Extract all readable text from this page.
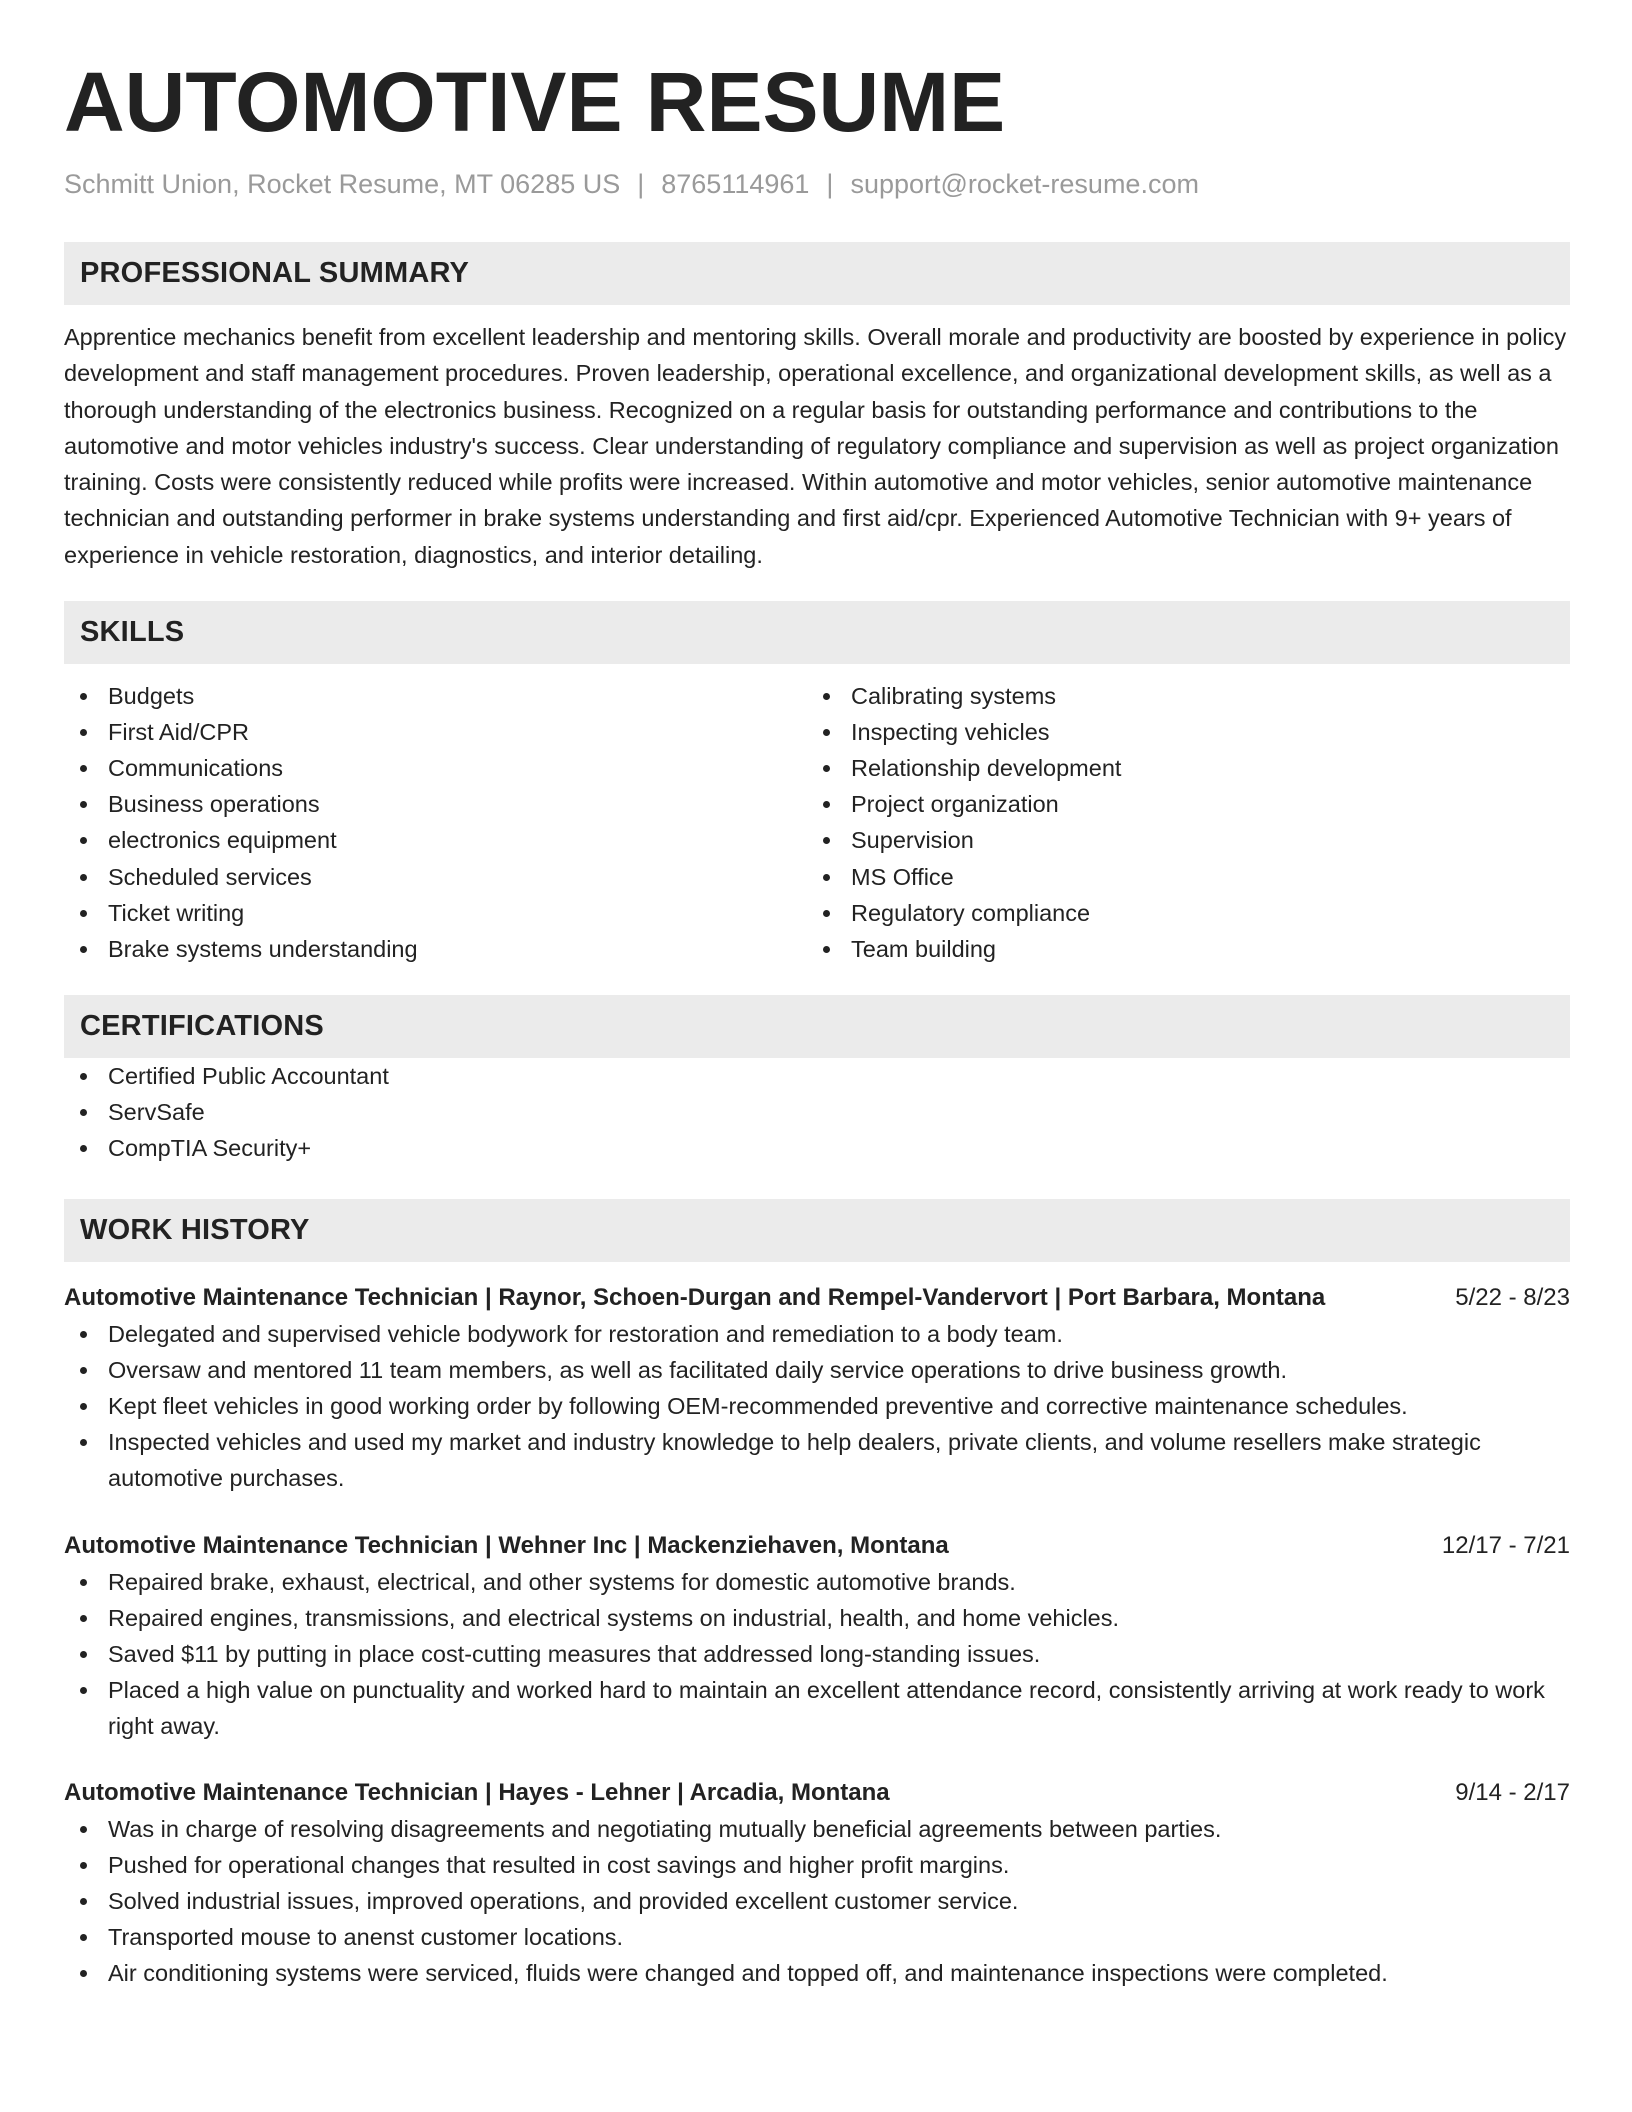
AUTOMOTIVE RESUME
Schmitt Union, Rocket Resume, MT 06285 US | 8765114961 | support@rocket-resume.com
PROFESSIONAL SUMMARY
Apprentice mechanics benefit from excellent leadership and mentoring skills. Overall morale and productivity are boosted by experience in policy development and staff management procedures. Proven leadership, operational excellence, and organizational development skills, as well as a thorough understanding of the electronics business. Recognized on a regular basis for outstanding performance and contributions to the automotive and motor vehicles industry's success. Clear understanding of regulatory compliance and supervision as well as project organization training. Costs were consistently reduced while profits were increased. Within automotive and motor vehicles, senior automotive maintenance technician and outstanding performer in brake systems understanding and first aid/cpr. Experienced Automotive Technician with 9+ years of experience in vehicle restoration, diagnostics, and interior detailing.
SKILLS
Budgets
First Aid/CPR
Communications
Business operations
electronics equipment
Scheduled services
Ticket writing
Brake systems understanding
Calibrating systems
Inspecting vehicles
Relationship development
Project organization
Supervision
MS Office
Regulatory compliance
Team building
CERTIFICATIONS
Certified Public Accountant
ServSafe
CompTIA Security+
WORK HISTORY
Automotive Maintenance Technician | Raynor, Schoen-Durgan and Rempel-Vandervort | Port Barbara, Montana	5/22 - 8/23
Delegated and supervised vehicle bodywork for restoration and remediation to a body team.
Oversaw and mentored 11 team members, as well as facilitated daily service operations to drive business growth.
Kept fleet vehicles in good working order by following OEM-recommended preventive and corrective maintenance schedules.
Inspected vehicles and used my market and industry knowledge to help dealers, private clients, and volume resellers make strategic automotive purchases.
Automotive Maintenance Technician | Wehner Inc | Mackenziehaven, Montana	12/17 - 7/21
Repaired brake, exhaust, electrical, and other systems for domestic automotive brands.
Repaired engines, transmissions, and electrical systems on industrial, health, and home vehicles.
Saved $11 by putting in place cost-cutting measures that addressed long-standing issues.
Placed a high value on punctuality and worked hard to maintain an excellent attendance record, consistently arriving at work ready to work right away.
Automotive Maintenance Technician | Hayes - Lehner | Arcadia, Montana	9/14 - 2/17
Was in charge of resolving disagreements and negotiating mutually beneficial agreements between parties.
Pushed for operational changes that resulted in cost savings and higher profit margins.
Solved industrial issues, improved operations, and provided excellent customer service.
Transported mouse to anenst customer locations.
Air conditioning systems were serviced, fluids were changed and topped off, and maintenance inspections were completed.
